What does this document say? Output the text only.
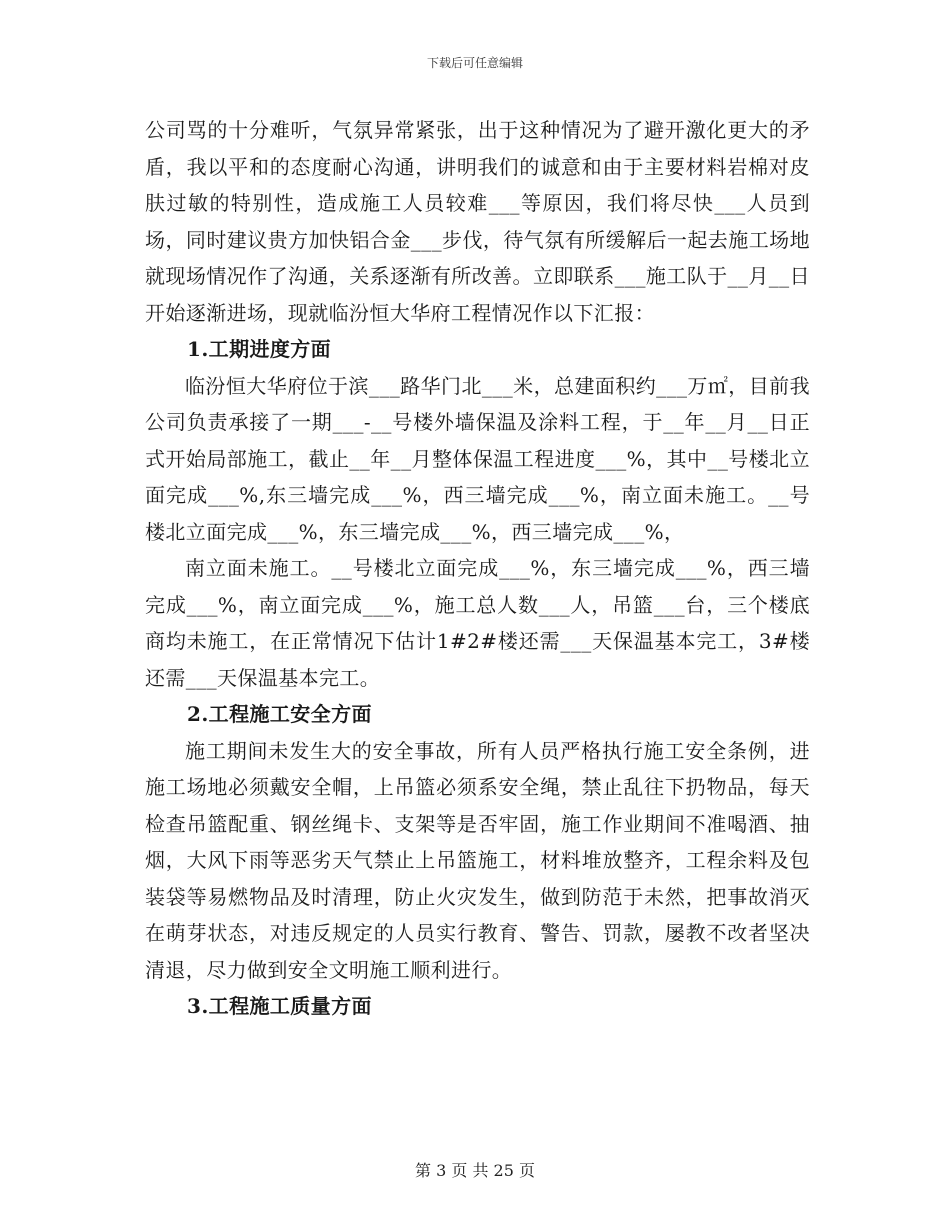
下载后可任意编辑

公司骂的十分难听，气氛异常紧张，出于这种情况为了避开激化更大的矛盾，我以平和的态度耐心沟通，讲明我们的诚意和由于主要材料岩棉对皮肤过敏的特别性，造成施工人员较难___等原因，我们将尽快___人员到场，同时建议贵方加快铝合金___步伐，待气氛有所缓解后一起去施工场地就现场情况作了沟通，关系逐渐有所改善。立即联系___施工队于__月__日开始逐渐进场，现就临汾恒大华府工程情况作以下汇报：

1.工期进度方面

临汾恒大华府位于滨___路华门北___米，总建面积约___万㎡，目前我公司负责承接了一期___-__号楼外墙保温及涂料工程，于__年__月__日正式开始局部施工，截止__年__月整体保温工程进度___%，其中__号楼北立面完成___%,东三墙完成___%，西三墙完成___%，南立面未施工。__号楼北立面完成___%，东三墙完成___%，西三墙完成___%，

南立面未施工。__号楼北立面完成___%，东三墙完成___%，西三墙完成___%，南立面完成___%，施工总人数___人，吊篮___台，三个楼底商均未施工，在正常情况下估计1#2#楼还需___天保温基本完工，3#楼还需___天保温基本完工。

2.工程施工安全方面

施工期间未发生大的安全事故，所有人员严格执行施工安全条例，进施工场地必须戴安全帽，上吊篮必须系安全绳，禁止乱往下扔物品，每天检查吊篮配重、钢丝绳卡、支架等是否牢固，施工作业期间不准喝酒、抽烟，大风下雨等恶劣天气禁止上吊篮施工，材料堆放整齐，工程余料及包装袋等易燃物品及时清理，防止火灾发生，做到防范于未然，把事故消灭在萌芽状态，对违反规定的人员实行教育、警告、罚款，屡教不改者坚决清退，尽力做到安全文明施工顺利进行。

3.工程施工质量方面
第 3 页 共 25 页
